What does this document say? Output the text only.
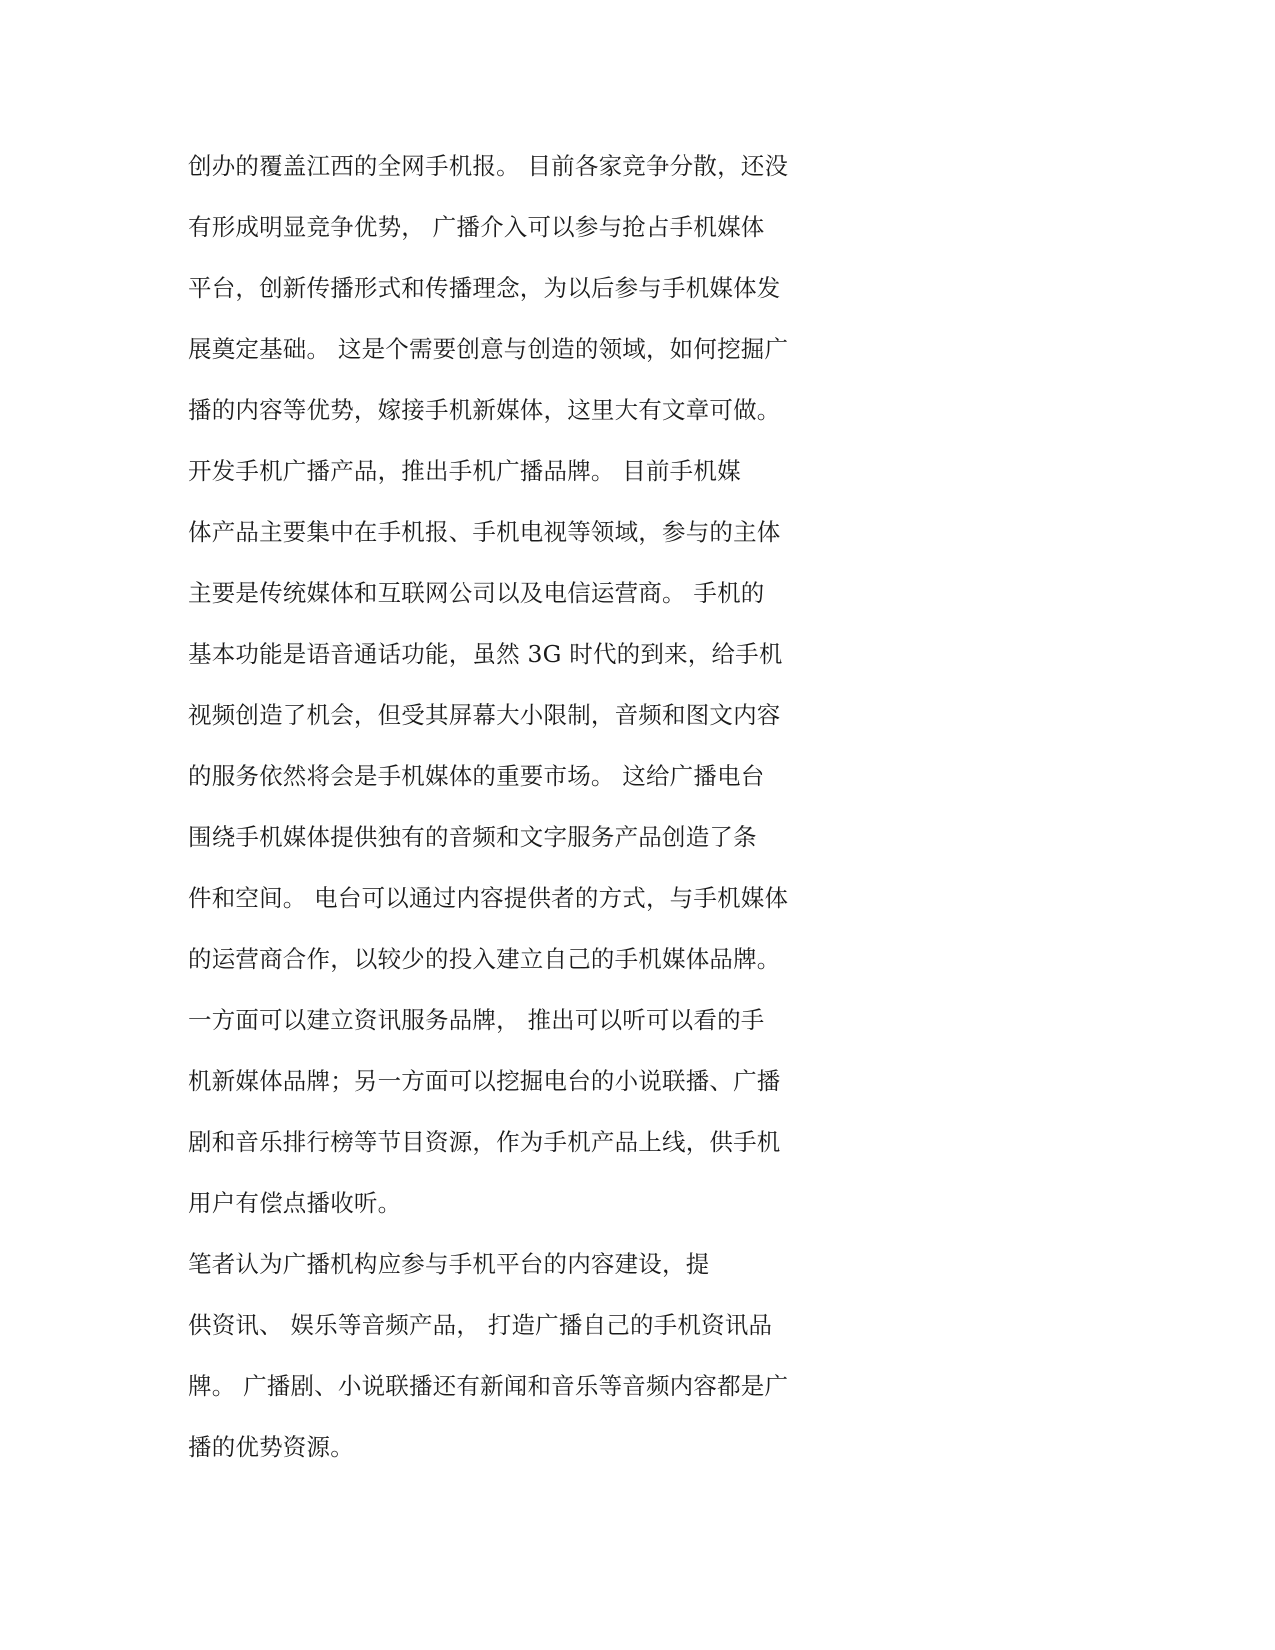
创办的覆盖江西的全网手机报。 目前各家竞争分散，还没
有形成明显竞争优势， 广播介入可以参与抢占手机媒体
平台，创新传播形式和传播理念，为以后参与手机媒体发
展奠定基础。 这是个需要创意与创造的领域，如何挖掘广
播的内容等优势，嫁接手机新媒体，这里大有文章可做。
开发手机广播产品，推出手机广播品牌。 目前手机媒
体产品主要集中在手机报、手机电视等领域，参与的主体
主要是传统媒体和互联网公司以及电信运营商。 手机的
基本功能是语音通话功能，虽然 3G 时代的到来，给手机
视频创造了机会，但受其屏幕大小限制，音频和图文内容
的服务依然将会是手机媒体的重要市场。 这给广播电台
围绕手机媒体提供独有的音频和文字服务产品创造了条
件和空间。 电台可以通过内容提供者的方式，与手机媒体
的运营商合作，以较少的投入建立自己的手机媒体品牌。
一方面可以建立资讯服务品牌， 推出可以听可以看的手
机新媒体品牌；另一方面可以挖掘电台的小说联播、广播
剧和音乐排行榜等节目资源，作为手机产品上线，供手机
用户有偿点播收听。
笔者认为广播机构应参与手机平台的内容建设，提
供资讯、 娱乐等音频产品， 打造广播自己的手机资讯品
牌。 广播剧、小说联播还有新闻和音乐等音频内容都是广
播的优势资源。
